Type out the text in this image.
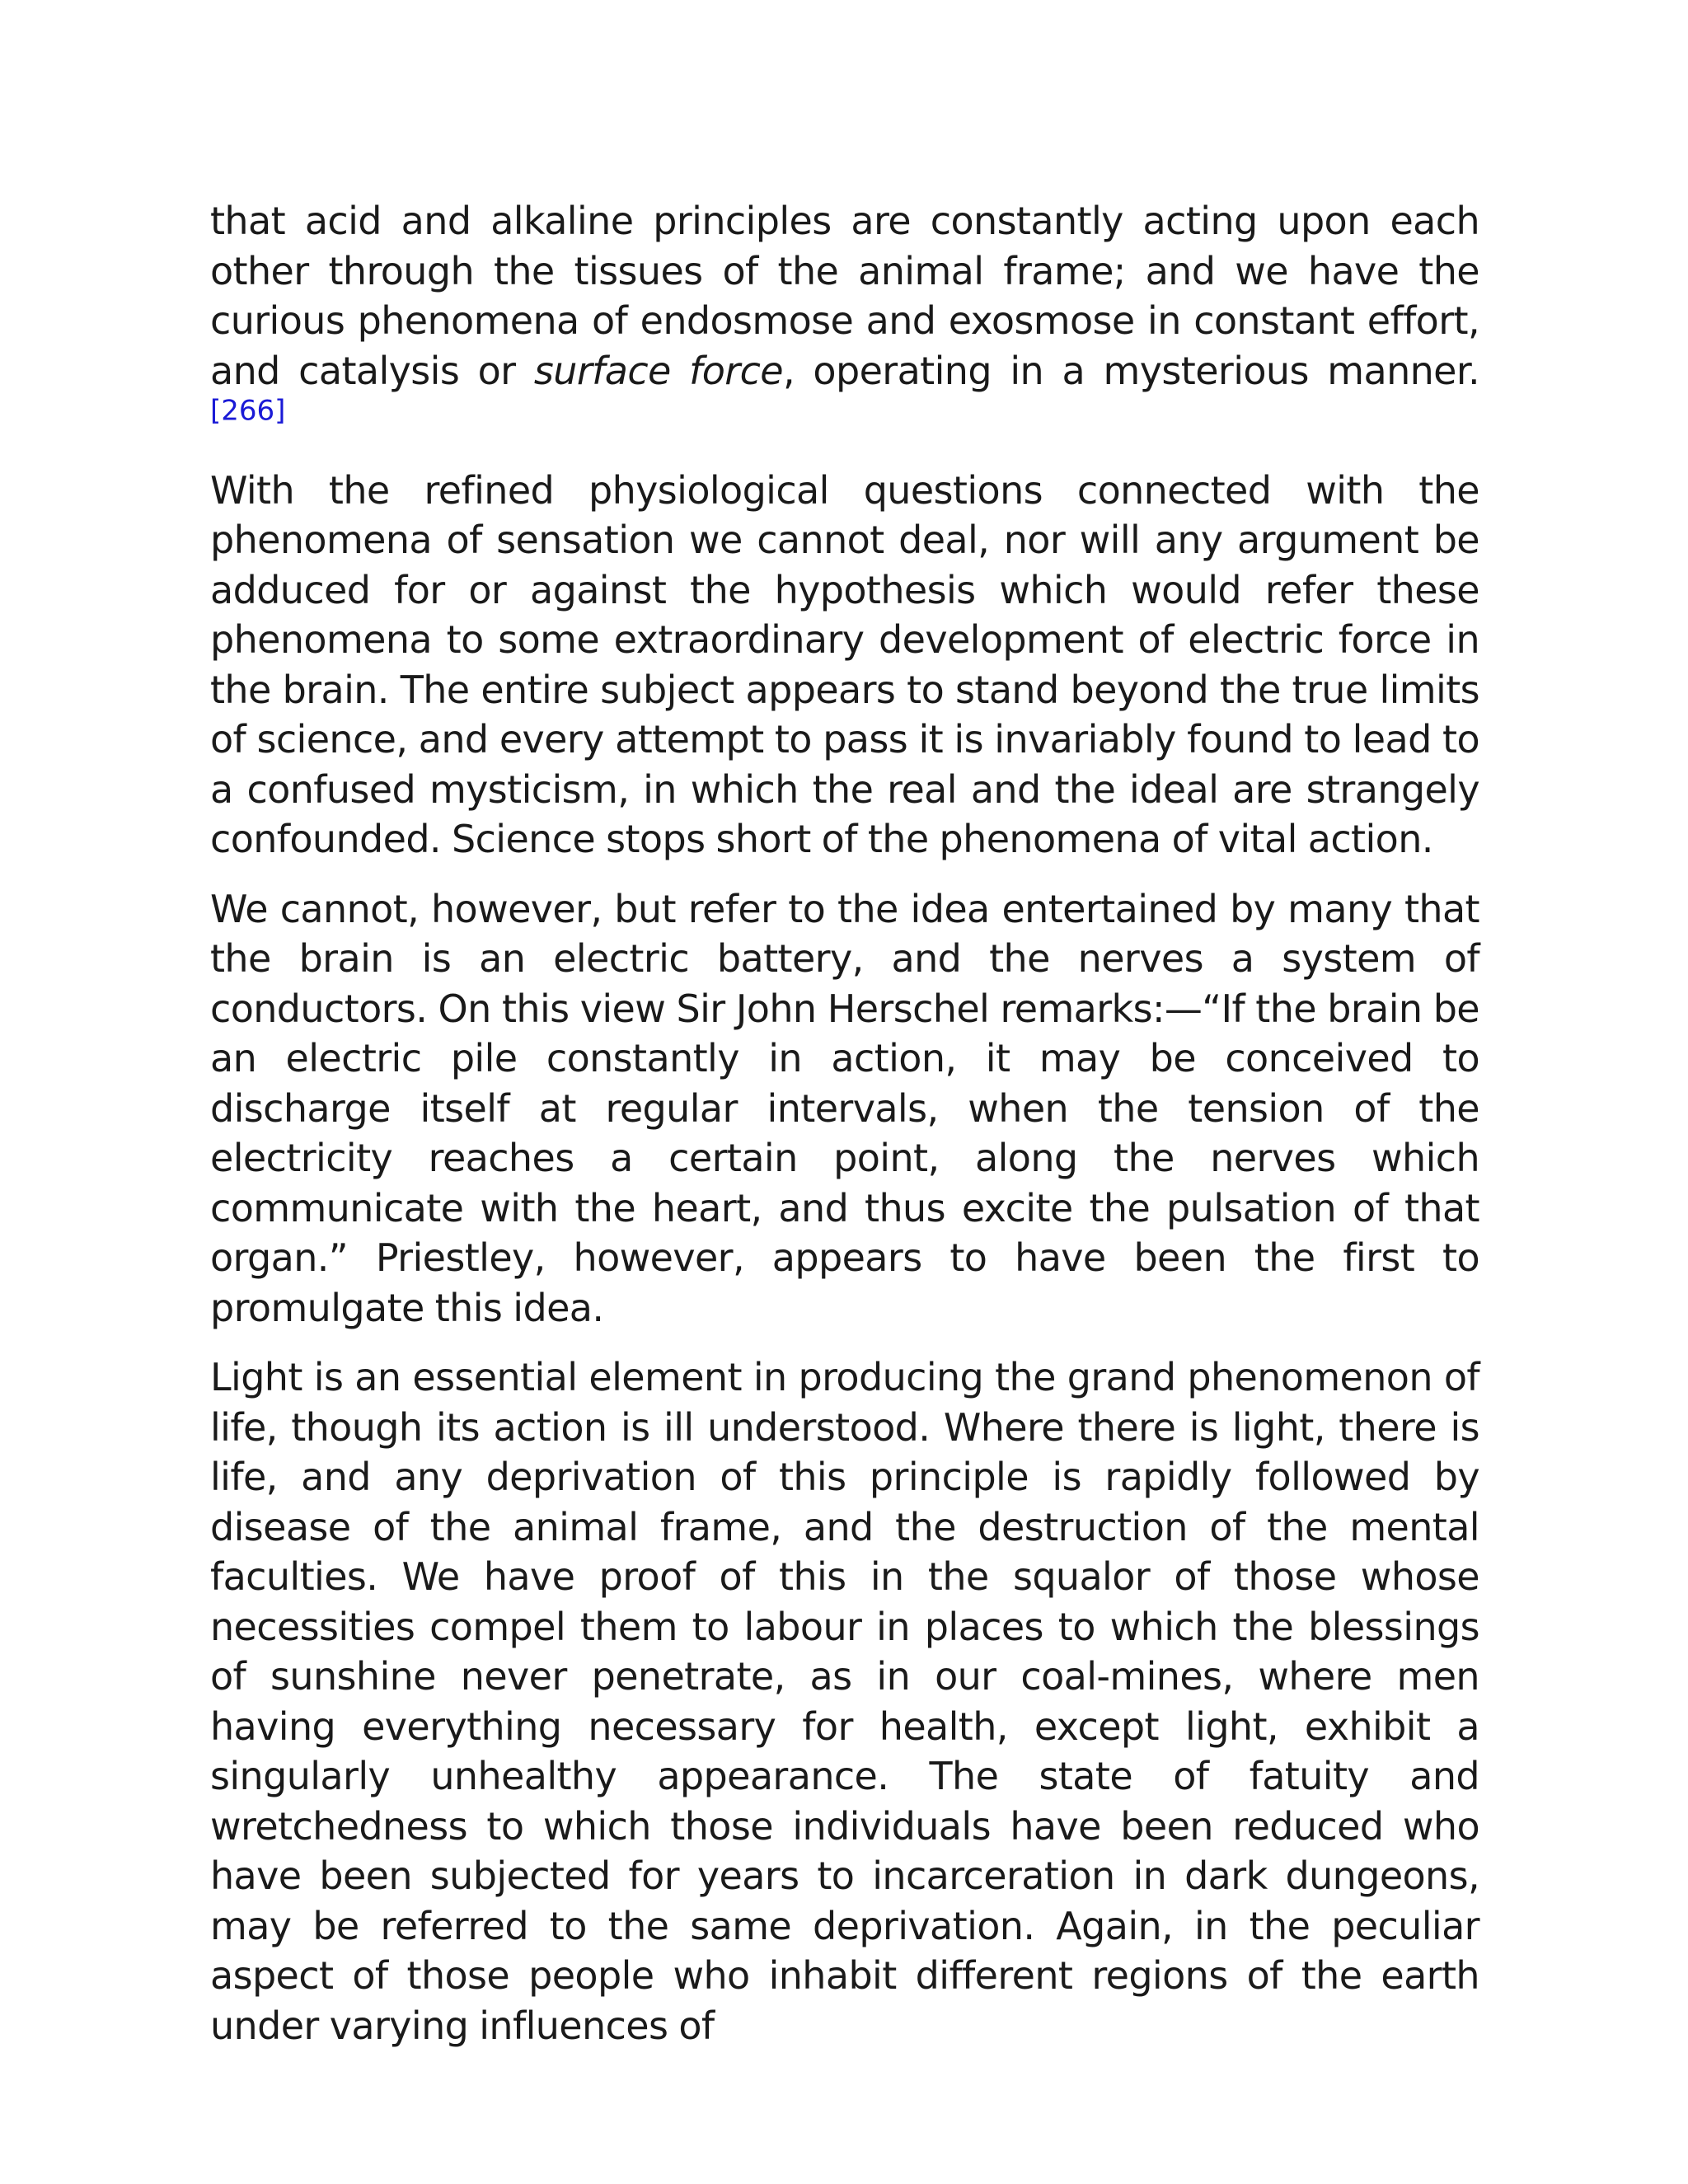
that acid and alkaline principles are constantly acting upon each other through the tissues of the animal frame; and we have the curious phenomena of endosmose and exosmose in constant effort, and catalysis or surface force, operating in a mysterious manner.[266]

With the refined physiological questions connected with the phenomena of sensation we cannot deal, nor will any argument be adduced for or against the hypothesis which would refer these phenomena to some extraordinary development of electric force in the brain. The entire subject appears to stand beyond the true limits of science, and every attempt to pass it is invariably found to lead to a confused mysticism, in which the real and the ideal are strangely confounded. Science stops short of the phenomena of vital action.

We cannot, however, but refer to the idea entertained by many that the brain is an electric battery, and the nerves a system of conductors. On this view Sir John Herschel remarks:—“If the brain be an electric pile constantly in action, it may be conceived to discharge itself at regular intervals, when the tension of the electricity reaches a certain point, along the nerves which communicate with the heart, and thus excite the pulsation of that organ.” Priestley, however, appears to have been the first to promulgate this idea.

Light is an essential element in producing the grand phenomenon of life, though its action is ill understood. Where there is light, there is life, and any deprivation of this principle is rapidly followed by disease of the animal frame, and the destruction of the mental faculties. We have proof of this in the squalor of those whose necessities compel them to labour in places to which the blessings of sunshine never penetrate, as in our coal-mines, where men having everything necessary for health, except light, exhibit a singularly unhealthy appearance. The state of fatuity and wretchedness to which those individuals have been reduced who have been subjected for years to incarceration in dark dungeons, may be referred to the same deprivation. Again, in the peculiar aspect of those people who inhabit different regions of the earth under varying influences of
